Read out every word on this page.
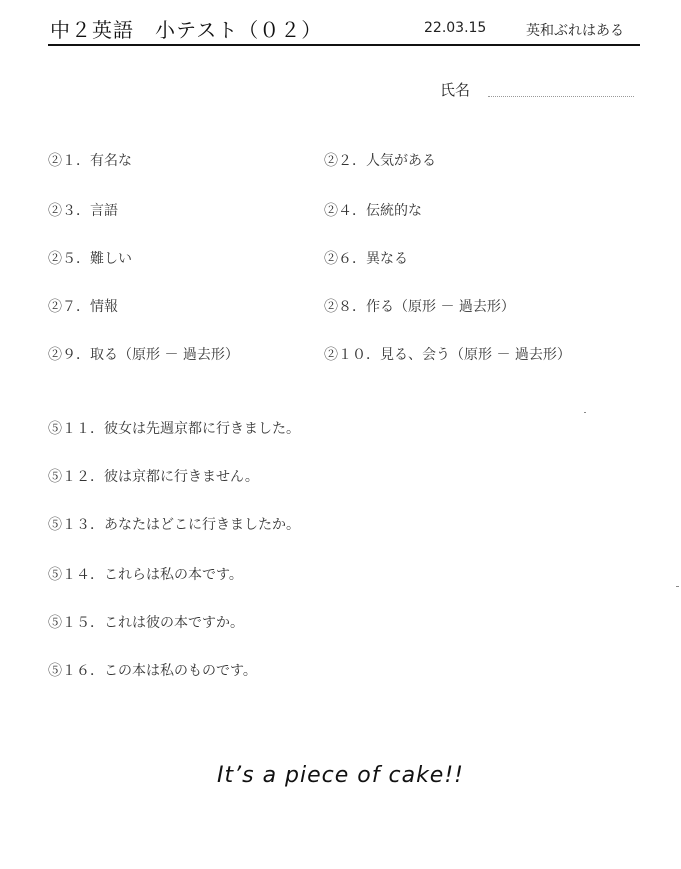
中２英語　小テスト（０２）	22.03.15	英和ぶれはある
氏名
②１．有名な	②２．人気がある
②３．言語	②４．伝統的な
②５．難しい	②６．異なる
②７．情報	②８．作る（原形 － 過去形）
②９．取る（原形 － 過去形）	②１０．見る、会う（原形 － 過去形）
⑤１１．彼女は先週京都に行きました。
⑤１２．彼は京都に行きません。
⑤１３．あなたはどこに行きましたか。
⑤１４．これらは私の本です。
⑤１５．これは彼の本ですか。
⑤１６．この本は私のものです。
It’s a piece of cake!!
